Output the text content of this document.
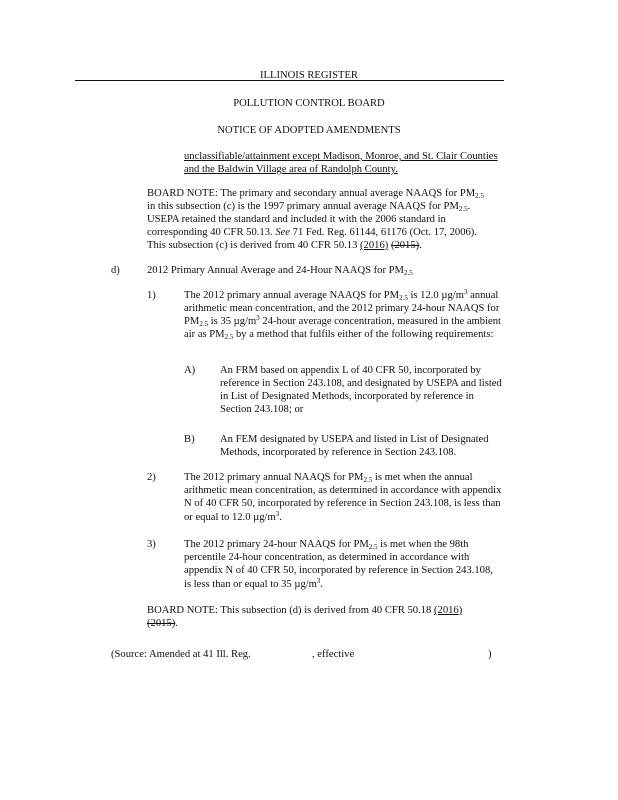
ILLINOIS REGISTER
POLLUTION CONTROL BOARD
NOTICE OF ADOPTED AMENDMENTS
unclassifiable/attainment except Madison, Monroe, and St. Clair Counties
and the Baldwin Village area of Randolph County.
BOARD NOTE: The primary and secondary annual average NAAQS for $PM_{2.5}$
in this subsection (c) is the 1997 primary annual average NAAQS for $PM_{2.5}$.
USEPA retained the standard and included it with the 2006 standard in
corresponding 40 CFR 50.13. See 71 Fed. Reg. 61144, 61176 (Oct. 17, 2006).
This subsection (c) is derived from 40 CFR 50.13 (2016) (2015).
d)	2012 Primary Annual Average and 24-Hour NAAQS for $PM_{2.5}$
1)	The 2012 primary annual average NAAQS for $PM_{2.5}$ is 12.0 $\mu g/m^3$ annual
arithmetic mean concentration, and the 2012 primary 24-hour NAAQS for
$PM_{2.5}$ is 35 $\mu g/m^3$ 24-hour average concentration, measured in the ambient
air as $PM_{2.5}$ by a method that fulfils either of the following requirements:
A) An FRM based on appendix L of 40 CFR 50, incorporated by
reference in Section 243.108, and designated by USEPA and listed
in List of Designated Methods, incorporated by reference in
Section 243.108; or
B) An FEM designated by USEPA and listed in List of Designated
Methods, incorporated by reference in Section 243.108.
2)	The 2012 primary annual NAAQS for $PM_{2.5}$ is met when the annual
arithmetic mean concentration, as determined in accordance with appendix
N of 40 CFR 50, incorporated by reference in Section 243.108, is less than
or equal to 12.0 $\mu g/m^3$.
3)	The 2012 primary 24-hour NAAQS for $PM_{2.5}$ is met when the 98th
percentile 24-hour concentration, as determined in accordance with
appendix N of 40 CFR 50, incorporated by reference in Section 243.108,
is less than or equal to 35 $\mu g/m^3$.
BOARD NOTE: This subsection (d) is derived from 40 CFR 50.18 (2016)
(2015).
(Source: Amended at 41 Ill. Reg.	, effective	)
